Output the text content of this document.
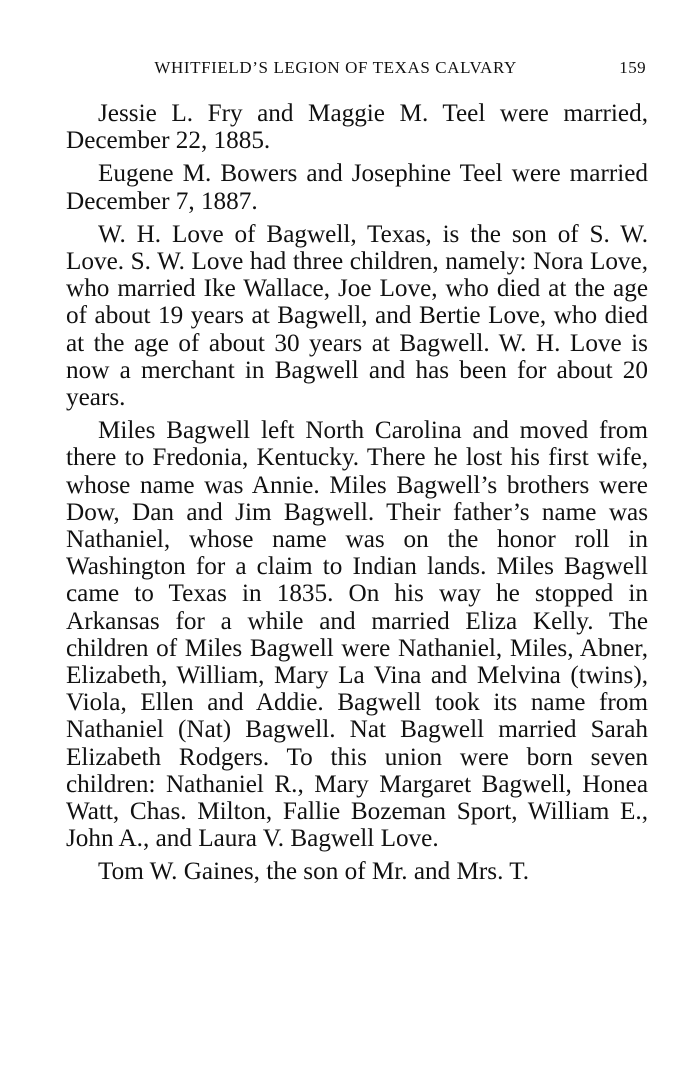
WHITFIELD’S LEGION OF TEXAS CALVARY	159

Jessie L. Fry and Maggie M. Teel were married, December 22, 1885.

Eugene M. Bowers and Josephine Teel were married December 7, 1887.

W. H. Love of Bagwell, Texas, is the son of S. W. Love. S. W. Love had three children, namely: Nora Love, who married Ike Wallace, Joe Love, who died at the age of about 19 years at Bagwell, and Bertie Love, who died at the age of about 30 years at Bagwell. W. H. Love is now a merchant in Bagwell and has been for about 20 years.

Miles Bagwell left North Carolina and moved from there to Fredonia, Kentucky. There he lost his first wife, whose name was Annie. Miles Bagwell’s brothers were Dow, Dan and Jim Bagwell. Their father’s name was Nathaniel, whose name was on the honor roll in Washington for a claim to Indian lands. Miles Bagwell came to Texas in 1835. On his way he stopped in Arkansas for a while and married Eliza Kelly. The children of Miles Bagwell were Nathaniel, Miles, Abner, Elizabeth, William, Mary La Vina and Melvina (twins), Viola, Ellen and Addie. Bagwell took its name from Nathaniel (Nat) Bagwell. Nat Bagwell married Sarah Elizabeth Rodgers. To this union were born seven children: Nathaniel R., Mary Margaret Bagwell, Honea Watt, Chas. Milton, Fallie Bozeman Sport, William E., John A., and Laura V. Bagwell Love.

Tom W. Gaines, the son of Mr. and Mrs. T.
